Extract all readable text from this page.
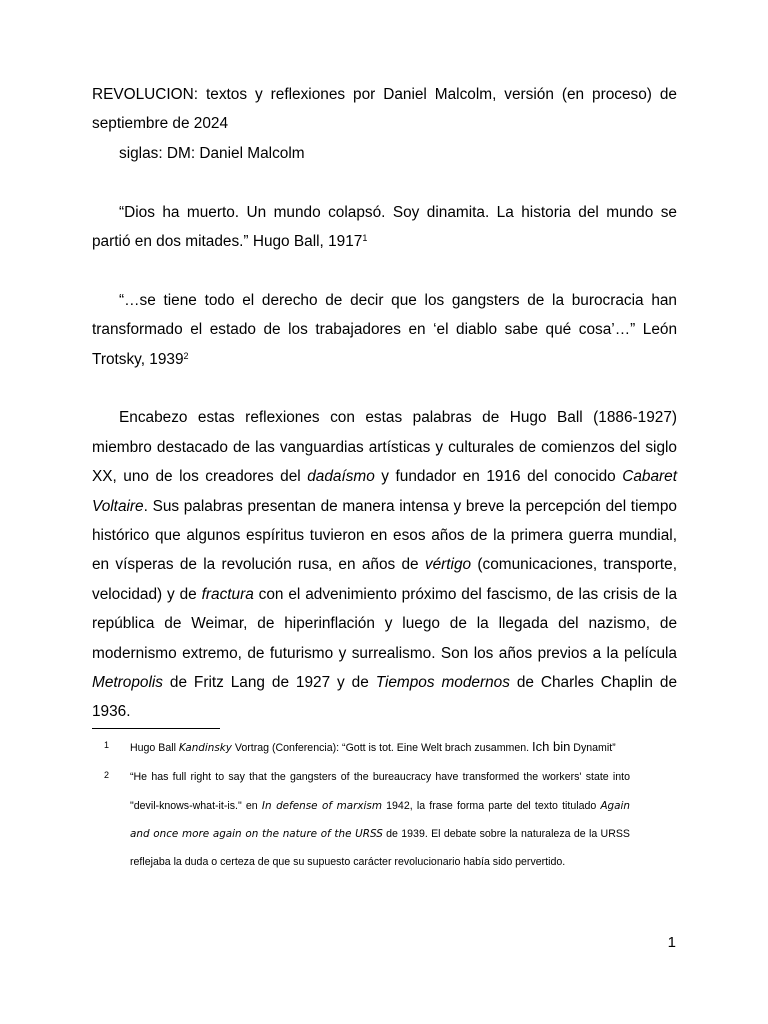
REVOLUCION: textos y reflexiones por Daniel Malcolm, versión (en proceso) de septiembre de 2024

siglas: DM: Daniel Malcolm

“Dios ha muerto. Un mundo colapsó. Soy dinamita. La historia del mundo se partió en dos mitades.” Hugo Ball, 1917$^1$

“…se tiene todo el derecho de decir que los gangsters de la burocracia han transformado el estado de los trabajadores en ‘el diablo sabe qué cosa’…” León Trotsky, 1939$^2$

Encabezo estas reflexiones con estas palabras de Hugo Ball (1886-1927) miembro destacado de las vanguardias artísticas y culturales de comienzos del siglo XX, uno de los creadores del dadaísmo y fundador en 1916 del conocido Cabaret Voltaire. Sus palabras presentan de manera intensa y breve la percepción del tiempo histórico que algunos espíritus tuvieron en esos años de la primera guerra mundial, en vísperas de la revolución rusa, en años de vértigo (comunicaciones, transporte, velocidad) y de fractura con el advenimiento próximo del fascismo, de las crisis de la república de Weimar, de hiperinflación y luego de la llegada del nazismo, de modernismo extremo, de futurismo y surrealismo. Son los años previos a la película Metropolis de Fritz Lang de 1927 y de Tiempos modernos de Charles Chaplin de 1936.

1 Hugo Ball Kandinsky Vortrag (Conferencia): “Gott is tot. Eine Welt brach zusammen. Ich bin Dynamit”

2 “He has full right to say that the gangsters of the bureaucracy have transformed the workers' state into "devil-knows-what-it-is." en In defense of marxism 1942, la frase forma parte del texto titulado Again and once more again on the nature of the URSS de 1939. El debate sobre la naturaleza de la URSS reflejaba la duda o certeza de que su supuesto carácter revolucionario había sido pervertido.

1
